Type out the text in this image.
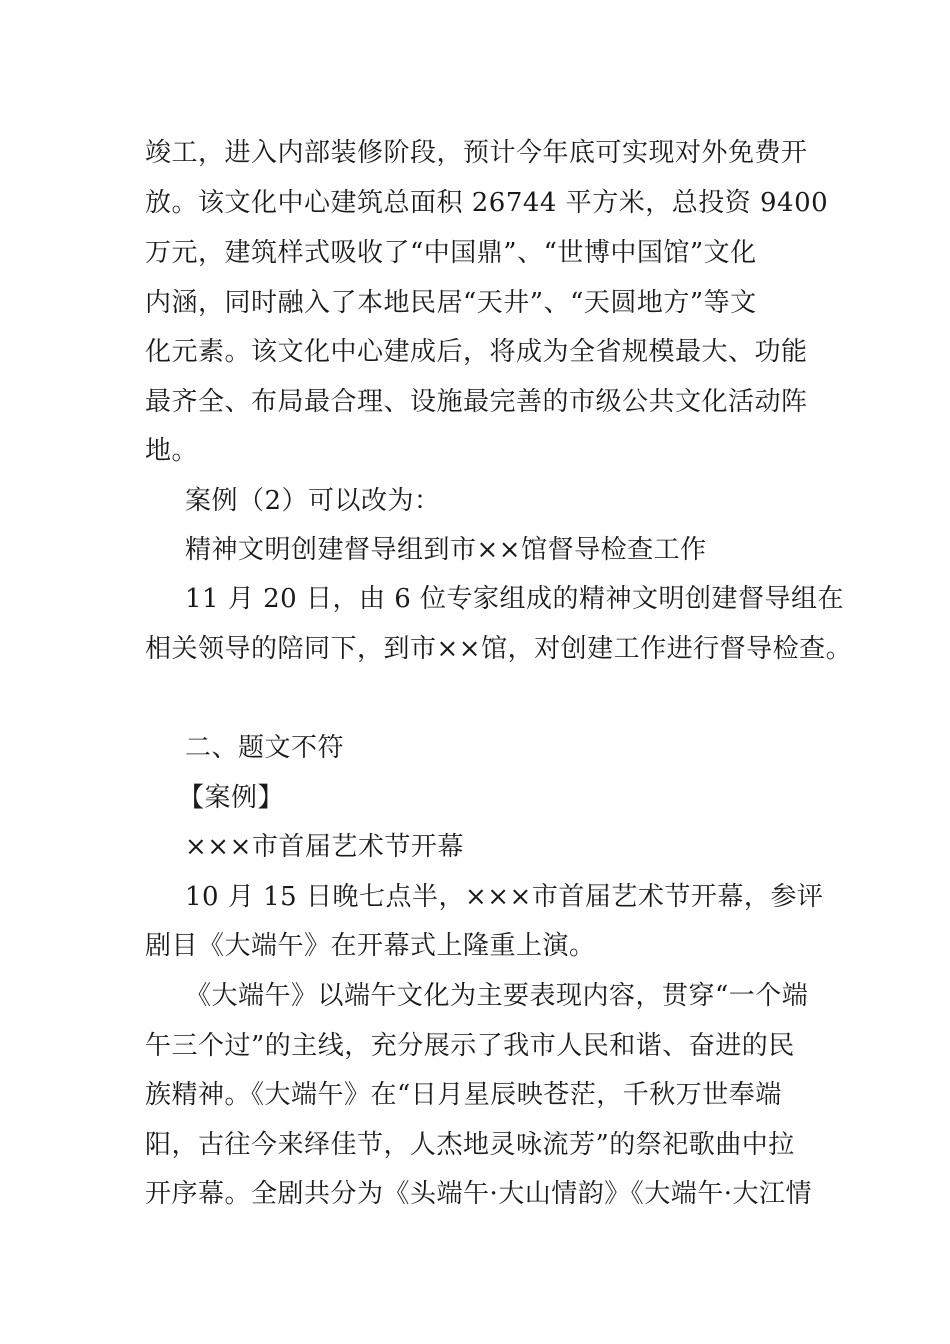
竣工，进入内部装修阶段，预计今年底可实现对外免费开
放。该文化中心建筑总面积 26744 平方米，总投资 9400
万元，建筑样式吸收了“中国鼎”、“世博中国馆”文化
内涵，同时融入了本地民居“天井”、“天圆地方”等文
化元素。该文化中心建成后，将成为全省规模最大、功能
最齐全、布局最合理、设施最完善的市级公共文化活动阵
地。
案例（2）可以改为：
精神文明创建督导组到市××馆督导检查工作
11 月 20 日，由 6 位专家组成的精神文明创建督导组在
相关领导的陪同下，到市××馆，对创建工作进行督导检查。
二、题文不符
【案例】
×××市首届艺术节开幕
10 月 15 日晚七点半，×××市首届艺术节开幕，参评
剧目《大端午》在开幕式上隆重上演。
《大端午》以端午文化为主要表现内容，贯穿“一个端
午三个过”的主线，充分展示了我市人民和谐、奋进的民
族精神。《大端午》在“日月星辰映苍茫，千秋万世奉端
阳，古往今来绎佳节，人杰地灵咏流芳”的祭祀歌曲中拉
开序幕。全剧共分为《头端午·大山情韵》《大端午·大江情
